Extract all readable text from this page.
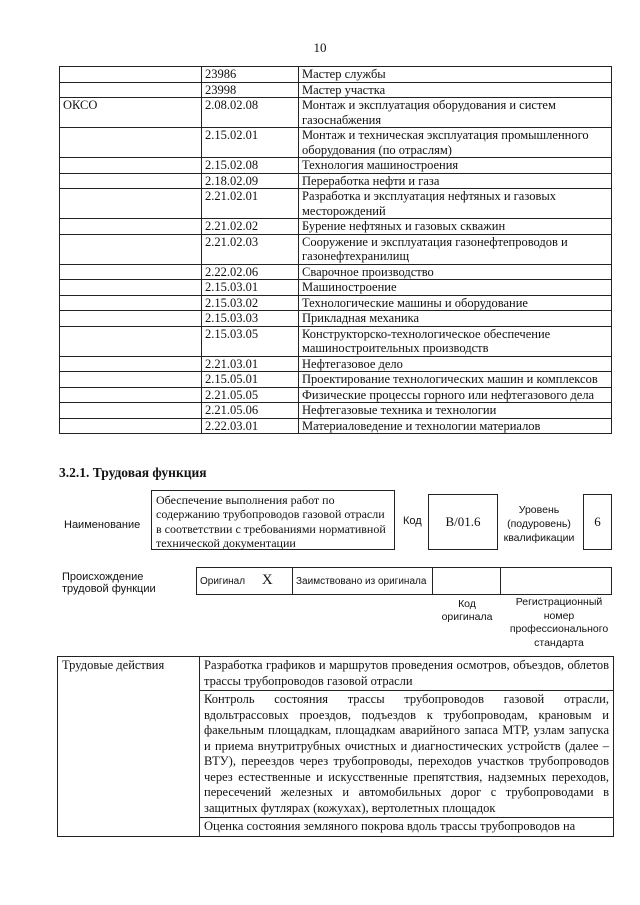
10
	23986	Мастер службы
	23998	Мастер участка
ОКСО	2.08.02.08	Монтаж и эксплуатация оборудования и систем газоснабжения
	2.15.02.01	Монтаж и техническая эксплуатация промышленного оборудования (по отраслям)
	2.15.02.08	Технология машиностроения
	2.18.02.09	Переработка нефти и газа
	2.21.02.01	Разработка и эксплуатация нефтяных и газовых месторождений
	2.21.02.02	Бурение нефтяных и газовых скважин
	2.21.02.03	Сооружение и эксплуатация газонефтепроводов и газонефтехранилищ
	2.22.02.06	Сварочное производство
	2.15.03.01	Машиностроение
	2.15.03.02	Технологические машины и оборудование
	2.15.03.03	Прикладная механика
	2.15.03.05	Конструкторско-технологическое обеспечение машиностроительных производств
	2.21.03.01	Нефтегазовое дело
	2.15.05.01	Проектирование технологических машин и комплексов
	2.21.05.05	Физические процессы горного или нефтегазового дела
	2.21.05.06	Нефтегазовые техника и технологии
	2.22.03.01	Материаловедение и технологии материалов
3.2.1. Трудовая функция
Наименование
Обеспечение выполнения работ по содержанию трубопроводов газовой отрасли в соответствии с требованиями нормативной технической документации
Код	B/01.6
Уровень (подуровень) квалификации
6
Происхождение трудовой функции
Оригинал X	Заимствовано из оригинала		
Код оригинала
Регистрационный номер профессионального стандарта
Трудовые действия	Разработка графиков и маршрутов проведения осмотров, объездов, облетов трассы трубопроводов газовой отрасли
Контроль состояния трассы трубопроводов газовой отрасли, вдольтрассовых проездов, подъездов к трубопроводам, крановым и факельным площадкам, площадкам аварийного запаса МТР, узлам запуска и приема внутритрубных очистных и диагностических устройств (далее – ВТУ), переездов через трубопроводы, переходов участков трубопроводов через естественные и искусственные препятствия, надземных переходов, пересечений железных и автомобильных дорог с трубопроводами в защитных футлярах (кожухах), вертолетных площадок
Оценка состояния земляного покрова вдоль трассы трубопроводов на
